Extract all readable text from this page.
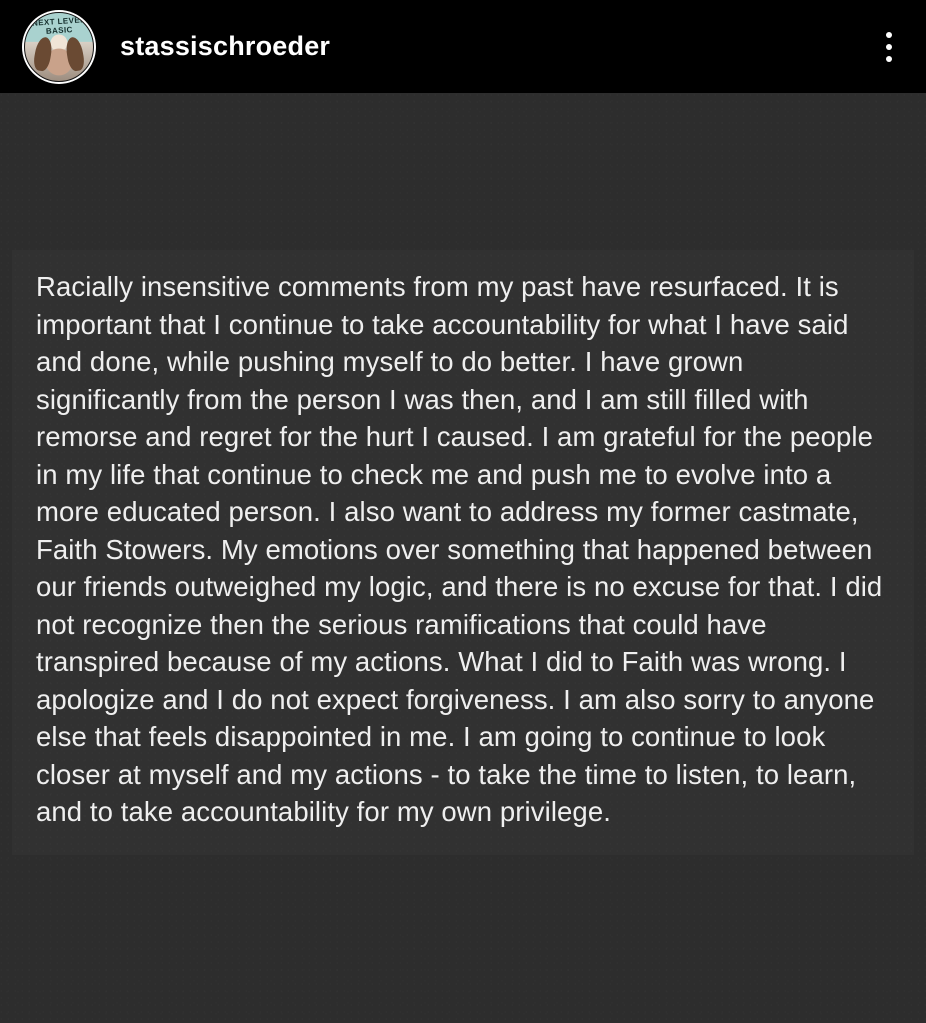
NEXT LEVEL BASIC
stassischroeder
Racially insensitive comments from my past have resurfaced. It is important that I continue to take accountability for what I have said and done, while pushing myself to do better. I have grown significantly from the person I was then, and I am still filled with remorse and regret for the hurt I caused. I am grateful for the people in my life that continue to check me and push me to evolve into a more educated person. I also want to address my former castmate, Faith Stowers. My emotions over something that happened between our friends outweighed my logic, and there is no excuse for that. I did not recognize then the serious ramifications that could have transpired because of my actions. What I did to Faith was wrong. I apologize and I do not expect forgiveness. I am also sorry to anyone else that feels disappointed in me. I am going to continue to look closer at myself and my actions - to take the time to listen, to learn, and to take accountability for my own privilege.
